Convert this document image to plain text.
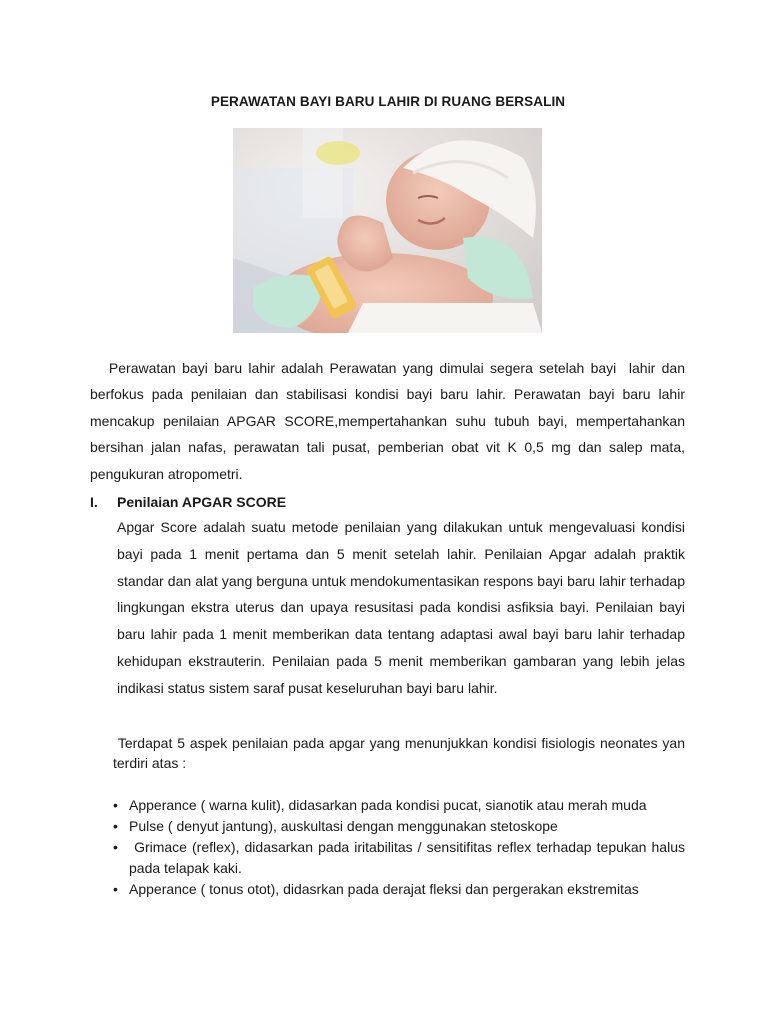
PERAWATAN BAYI BARU LAHIR DI RUANG BERSALIN

Perawatan bayi baru lahir adalah Perawatan yang dimulai segera setelah bayi  lahir dan berfokus pada penilaian dan stabilisasi kondisi bayi baru lahir. Perawatan bayi baru lahir mencakup penilaian APGAR SCORE,mempertahankan suhu tubuh bayi, mempertahankan bersihan jalan nafas, perawatan tali pusat, pemberian obat vit K 0,5 mg dan salep mata, pengukuran atropometri.

I. Penilaian APGAR SCORE

Apgar Score adalah suatu metode penilaian yang dilakukan untuk mengevaluasi kondisi bayi pada 1 menit pertama dan 5 menit setelah lahir. Penilaian Apgar adalah praktik standar dan alat yang berguna untuk mendokumentasikan respons bayi baru lahir terhadap lingkungan ekstra uterus dan upaya resusitasi pada kondisi asfiksia bayi. Penilaian bayi baru lahir pada 1 menit memberikan data tentang adaptasi awal bayi baru lahir terhadap kehidupan ekstrauterin. Penilaian pada 5 menit memberikan gambaran yang lebih jelas indikasi status sistem saraf pusat keseluruhan bayi baru lahir.

Terdapat 5 aspek penilaian pada apgar yang menunjukkan kondisi fisiologis neonates yan terdiri atas :

• Apperance ( warna kulit), didasarkan pada kondisi pucat, sianotik atau merah muda
• Pulse ( denyut jantung), auskultasi dengan menggunakan stetoskope
• Grimace (reflex), didasarkan pada iritabilitas / sensitifitas reflex terhadap tepukan halus pada telapak kaki.
• Apperance ( tonus otot), didasrkan pada derajat fleksi dan pergerakan ekstremitas
